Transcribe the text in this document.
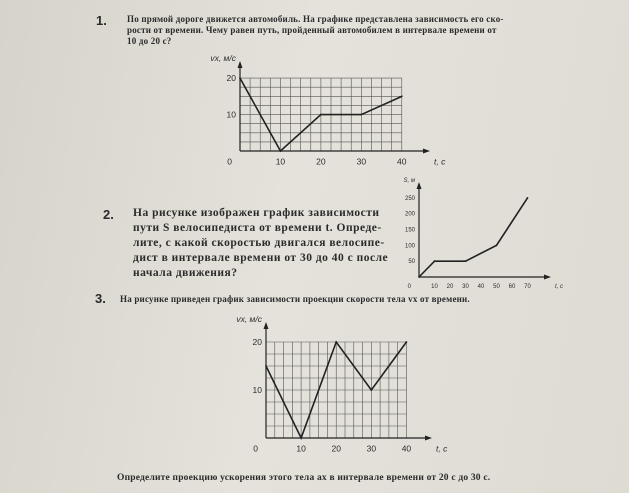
1. По прямой дороге движется автомобиль. На графике представлена зависимость его ско-
рости от времени. Чему равен путь, пройденный автомобилем в интервале времени от
10 до 20 с?
10	20	30	40
10
20
0	t, с
vx, м/с
2. На рисунке изображен график зависимости
пути S велосипедиста от времени t. Опреде-
лите, с какой скоростью двигался велосипе-
дист в интервале времени от 30 до 40 с после
начала движения?
10 20 30 40 50 60 70
50
100
150
200
250
0	t, с
S, м
3. На рисунке приведен график зависимости проекции скорости тела vx от времени.
10	20	30	40
10
20
0	t, с
vx, м/с
Определите проекцию ускорения этого тела ax в интервале времени от 20 с до 30 с.
